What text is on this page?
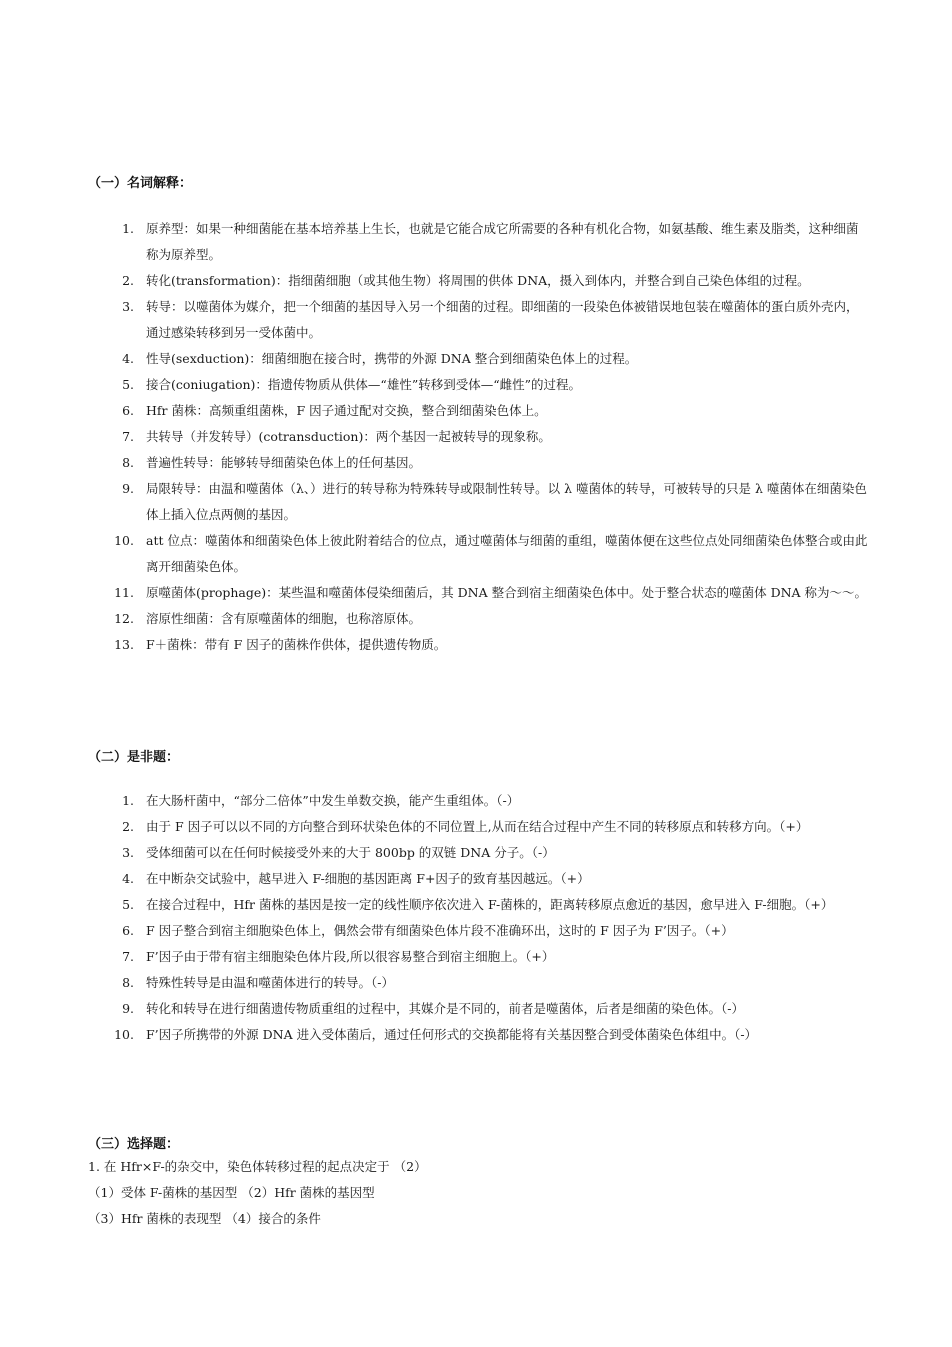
（一）名词解释：
1. 原养型：如果一种细菌能在基本培养基上生长，也就是它能合成它所需要的各种有机化合物，如氨基酸、维生素及脂类，这种细菌称为原养型。
2. 转化(transformation)：指细菌细胞（或其他生物）将周围的供体 DNA，摄入到体内，并整合到自己染色体组的过程。
3. 转导：以噬菌体为媒介，把一个细菌的基因导入另一个细菌的过程。即细菌的一段染色体被错误地包装在噬菌体的蛋白质外壳内，通过感染转移到另一受体菌中。
4. 性导(sexduction)：细菌细胞在接合时，携带的外源 DNA 整合到细菌染色体上的过程。
5. 接合(coniugation)：指遗传物质从供体—“雄性”转移到受体—“雌性”的过程。
6. Hfr 菌株：高频重组菌株，F 因子通过配对交换，整合到细菌染色体上。
7. 共转导（并发转导）(cotransduction)：两个基因一起被转导的现象称。
8. 普遍性转导：能够转导细菌染色体上的任何基因。
9. 局限转导：由温和噬菌体（λ、）进行的转导称为特殊转导或限制性转导。以 λ 噬菌体的转导，可被转导的只是 λ 噬菌体在细菌染色体上插入位点两侧的基因。
10. att 位点：噬菌体和细菌染色体上彼此附着结合的位点，通过噬菌体与细菌的重组，噬菌体便在这些位点处同细菌染色体整合或由此离开细菌染色体。
11. 原噬菌体(prophage)：某些温和噬菌体侵染细菌后，其 DNA 整合到宿主细菌染色体中。处于整合状态的噬菌体 DNA 称为～～。
12. 溶原性细菌：含有原噬菌体的细胞，也称溶原体。
13. F＋菌株：带有 F 因子的菌株作供体，提供遗传物质。
（二）是非题：
1. 在大肠杆菌中，“部分二倍体”中发生单数交换，能产生重组体。（-）
2. 由于 F 因子可以以不同的方向整合到环状染色体的不同位置上,从而在结合过程中产生不同的转移原点和转移方向。（+）
3. 受体细菌可以在任何时候接受外来的大于 800bp 的双链 DNA 分子。（-）
4. 在中断杂交试验中，越早进入 F-细胞的基因距离 F+因子的致育基因越远。（+）
5. 在接合过程中，Hfr 菌株的基因是按一定的线性顺序依次进入 F-菌株的，距离转移原点愈近的基因，愈早进入 F-细胞。（+）
6. F 因子整合到宿主细胞染色体上，偶然会带有细菌染色体片段不准确环出，这时的 F 因子为 F’因子。（+）
7. F’因子由于带有宿主细胞染色体片段,所以很容易整合到宿主细胞上。（+）
8. 特殊性转导是由温和噬菌体进行的转导。（-）
9. 转化和转导在进行细菌遗传物质重组的过程中，其媒介是不同的，前者是噬菌体，后者是细菌的染色体。（-）
10. F’因子所携带的外源 DNA 进入受体菌后，通过任何形式的交换都能将有关基因整合到受体菌染色体组中。（-）
（三）选择题：
1. 在 Hfr×F-的杂交中，染色体转移过程的起点决定于 （2）
（1）受体 F-菌株的基因型 （2）Hfr 菌株的基因型
（3）Hfr 菌株的表现型 （4）接合的条件
